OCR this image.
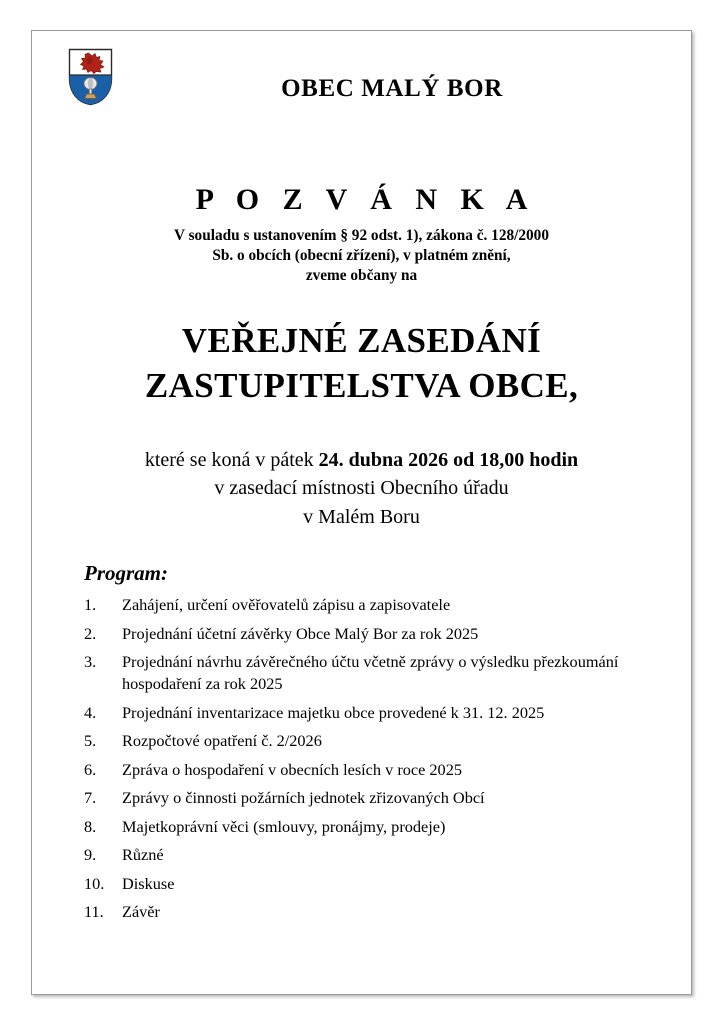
OBEC MALÝ BOR
P O Z V Á N K A
V souladu s ustanovením § 92 odst. 1), zákona č. 128/2000
Sb. o obcích (obecní zřízení), v platném znění,
zveme občany na
VEŘEJNÉ ZASEDÁNÍ
ZASTUPITELSTVA OBCE,
které se koná v pátek 24. dubna 2026 od 18,00 hodin
v zasedací místnosti Obecního úřadu
v Malém Boru
Program:
1.	Zahájení, určení ověřovatelů zápisu a zapisovatele
2.	Projednání účetní závěrky Obce Malý Bor za rok 2025
3.	Projednání návrhu závěrečného účtu včetně zprávy o výsledku přezkoumání hospodaření za rok 2025
4.	Projednání inventarizace majetku obce provedené k 31. 12. 2025
5.	Rozpočtové opatření č. 2/2026
6.	Zpráva o hospodaření v obecních lesích v roce 2025
7.	Zprávy o činnosti požárních jednotek zřizovaných Obcí
8.	Majetkoprávní věci (smlouvy, pronájmy, prodeje)
9.	Různé
10.	Diskuse
11.	Závěr
